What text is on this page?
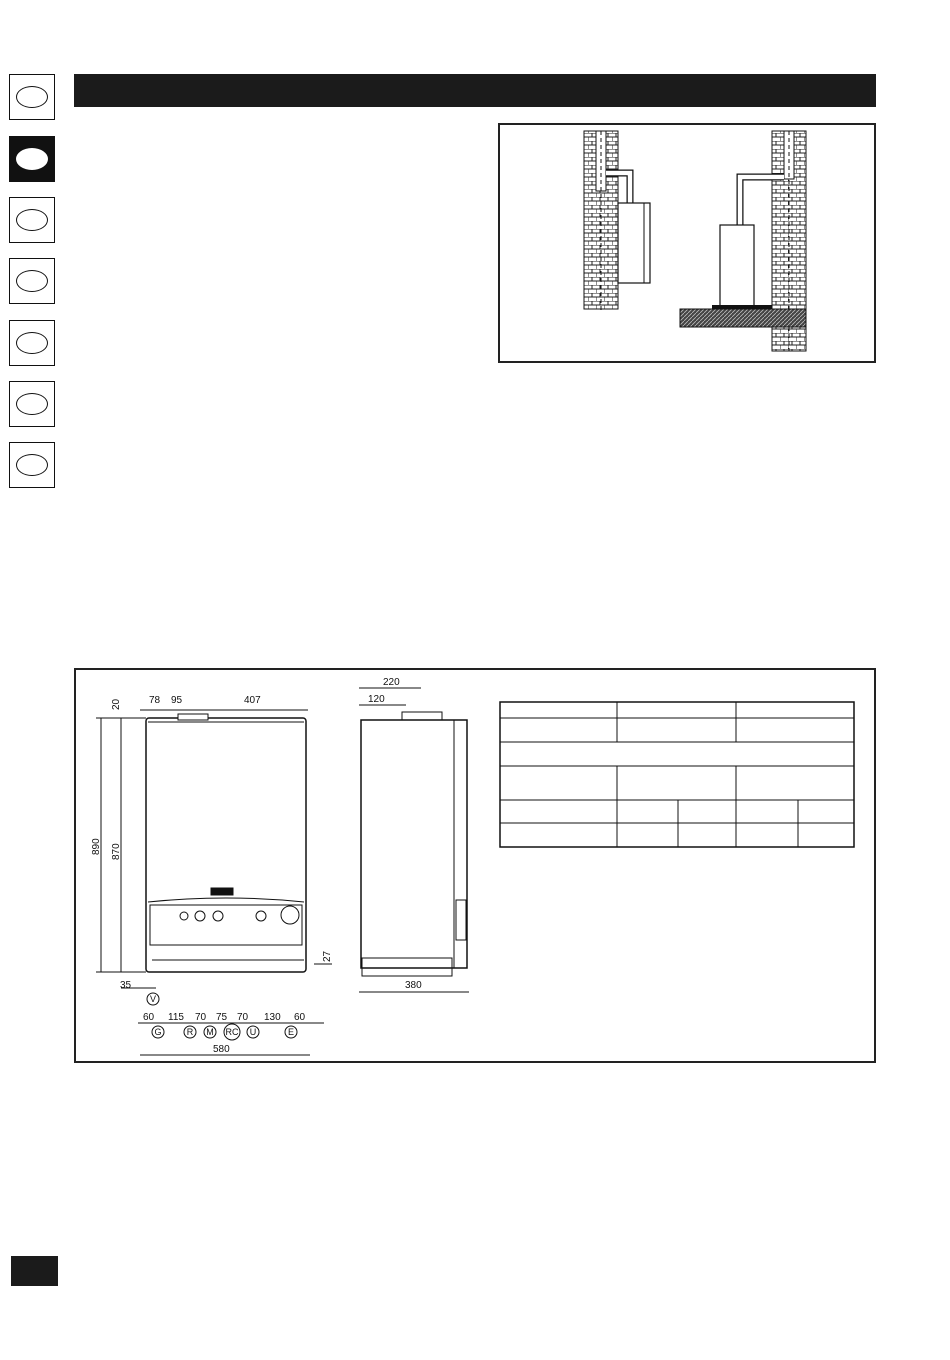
78 95	407
20
890 870
27
35
60 115 70 75 70 130 60
580
220
120
380
V
G	R M RC U	E
